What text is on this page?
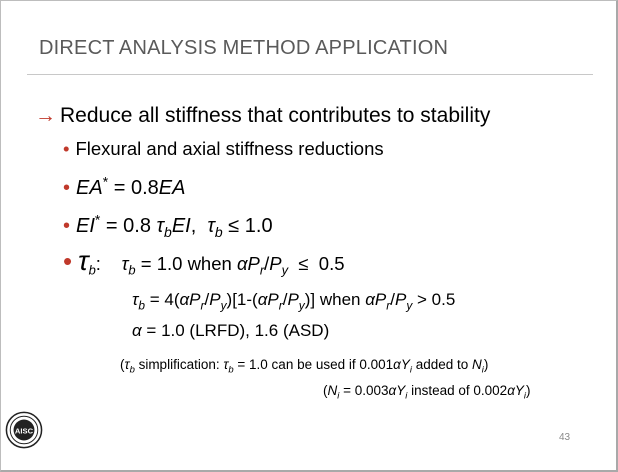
DIRECT ANALYSIS METHOD APPLICATION
→ Reduce all stiffness that contributes to stability
• Flexural and axial stiffness reductions
• EA* = 0.8EA
• EI* = 0.8 $\tau_bEI$,  $\tau_b \le 1.0$
• $\tau_b$:    $\tau_b = 1.0$ when $\alpha P_r/P_y \le 0.5$
$\tau_b = 4(\alpha P_r/P_y)[1-(\alpha P_r/P_y)]$ when $\alpha P_r/P_y > 0.5$
α = 1.0 (LRFD), 1.6 (ASD)
($\tau_b$ simplification: $\tau_b = 1.0$ can be used if $0.001\alpha Y_i$ added to $N_i$)
($N_i = 0.003\alpha Y_i$ instead of $0.002\alpha Y_i$)
AISC
43
